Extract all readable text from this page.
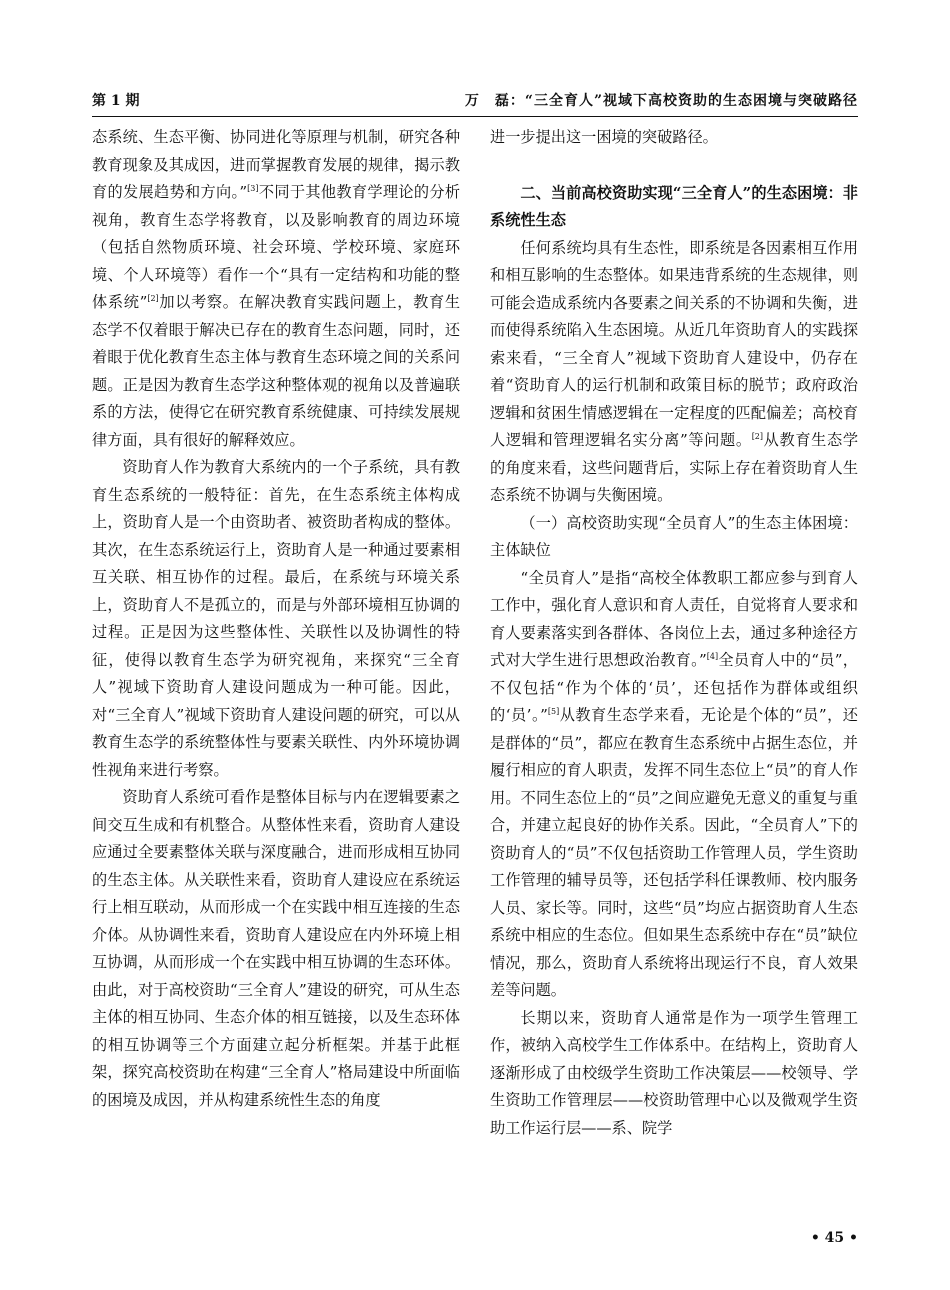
第 1 期	万　磊：“三全育人”视域下高校资助的生态困境与突破路径

态系统、生态平衡、协同进化等原理与机制，研究各种教育现象及其成因，进而掌握教育发展的规律，揭示教育的发展趋势和方向。”[3]不同于其他教育学理论的分析视角，教育生态学将教育，以及影响教育的周边环境（包括自然物质环境、社会环境、学校环境、家庭环境、个人环境等）看作一个“具有一定结构和功能的整体系统”[2]加以考察。在解决教育实践问题上，教育生态学不仅着眼于解决已存在的教育生态问题，同时，还着眼于优化教育生态主体与教育生态环境之间的关系问题。正是因为教育生态学这种整体观的视角以及普遍联系的方法，使得它在研究教育系统健康、可持续发展规律方面，具有很好的解释效应。

资助育人作为教育大系统内的一个子系统，具有教育生态系统的一般特征：首先，在生态系统主体构成上，资助育人是一个由资助者、被资助者构成的整体。其次，在生态系统运行上，资助育人是一种通过要素相互关联、相互协作的过程。最后，在系统与环境关系上，资助育人不是孤立的，而是与外部环境相互协调的过程。正是因为这些整体性、关联性以及协调性的特征，使得以教育生态学为研究视角，来探究“三全育人”视域下资助育人建设问题成为一种可能。因此，对“三全育人”视域下资助育人建设问题的研究，可以从教育生态学的系统整体性与要素关联性、内外环境协调性视角来进行考察。

资助育人系统可看作是整体目标与内在逻辑要素之间交互生成和有机整合。从整体性来看，资助育人建设应通过全要素整体关联与深度融合，进而形成相互协同的生态主体。从关联性来看，资助育人建设应在系统运行上相互联动，从而形成一个在实践中相互连接的生态介体。从协调性来看，资助育人建设应在内外环境上相互协调，从而形成一个在实践中相互协调的生态环体。由此，对于高校资助“三全育人”建设的研究，可从生态主体的相互协同、生态介体的相互链接，以及生态环体的相互协调等三个方面建立起分析框架。并基于此框架，探究高校资助在构建“三全育人”格局建设中所面临的困境及成因，并从构建系统性生态的角度

进一步提出这一困境的突破路径。

二、当前高校资助实现“三全育人”的生态困境：非系统性生态

任何系统均具有生态性，即系统是各因素相互作用和相互影响的生态整体。如果违背系统的生态规律，则可能会造成系统内各要素之间关系的不协调和失衡，进而使得系统陷入生态困境。从近几年资助育人的实践探索来看，“三全育人”视域下资助育人建设中，仍存在着“资助育人的运行机制和政策目标的脱节；政府政治逻辑和贫困生情感逻辑在一定程度的匹配偏差；高校育人逻辑和管理逻辑名实分离”等问题。[2]从教育生态学的角度来看，这些问题背后，实际上存在着资助育人生态系统不协调与失衡困境。

（一）高校资助实现“全员育人”的生态主体困境：主体缺位

“全员育人”是指“高校全体教职工都应参与到育人工作中，强化育人意识和育人责任，自觉将育人要求和育人要素落实到各群体、各岗位上去，通过多种途径方式对大学生进行思想政治教育。”[4]全员育人中的“员”，不仅包括“作为个体的‘员’，还包括作为群体或组织的‘员’。”[5]从教育生态学来看，无论是个体的“员”，还是群体的“员”，都应在教育生态系统中占据生态位，并履行相应的育人职责，发挥不同生态位上“员”的育人作用。不同生态位上的“员”之间应避免无意义的重复与重合，并建立起良好的协作关系。因此，“全员育人”下的资助育人的“员”不仅包括资助工作管理人员，学生资助工作管理的辅导员等，还包括学科任课教师、校内服务人员、家长等。同时，这些“员”均应占据资助育人生态系统中相应的生态位。但如果生态系统中存在“员”缺位情况，那么，资助育人系统将出现运行不良，育人效果差等问题。

长期以来，资助育人通常是作为一项学生管理工作，被纳入高校学生工作体系中。在结构上，资助育人逐渐形成了由校级学生资助工作决策层——校领导、学生资助工作管理层——校资助管理中心以及微观学生资助工作运行层——系、院学

• 45 •
